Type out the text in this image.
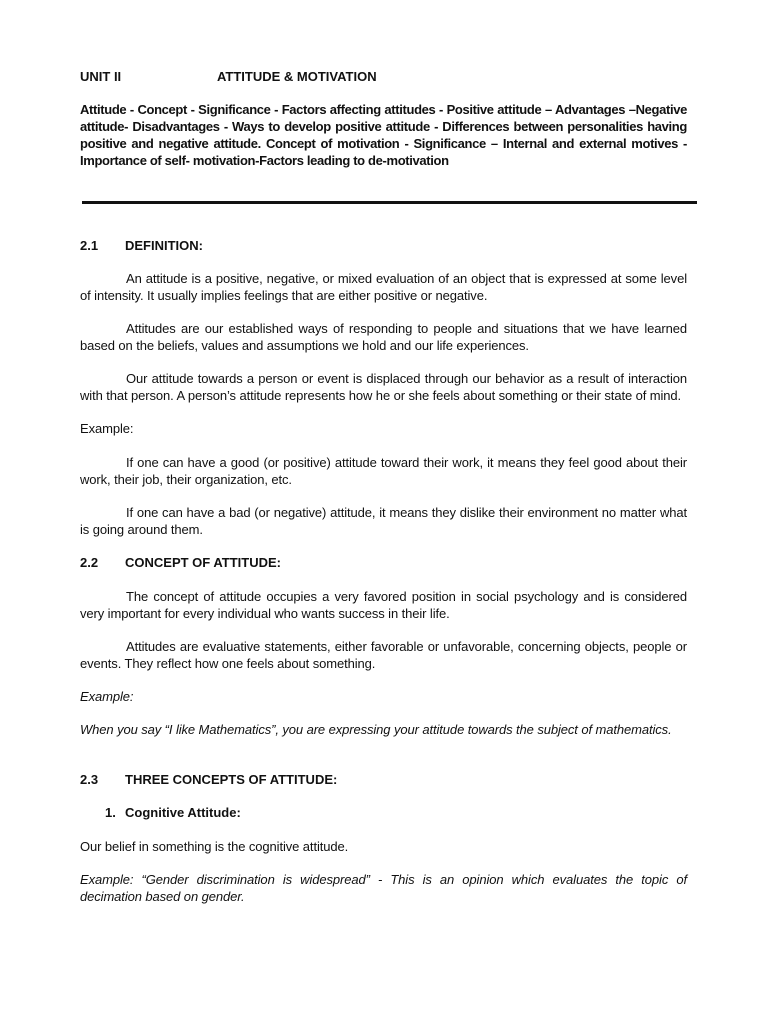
UNIT II	ATTITUDE & MOTIVATION
Attitude - Concept - Significance - Factors affecting attitudes - Positive attitude – Advantages –Negative attitude- Disadvantages - Ways to develop positive attitude - Differences between personalities having positive and negative attitude. Concept of motivation - Significance – Internal and external motives - Importance of self- motivation-Factors leading to de-motivation
2.1 DEFINITION:
An attitude is a positive, negative, or mixed evaluation of an object that is expressed at some level of intensity. It usually implies feelings that are either positive or negative.
Attitudes are our established ways of responding to people and situations that we have learned based on the beliefs, values and assumptions we hold and our life experiences.
Our attitude towards a person or event is displaced through our behavior as a result of interaction with that person. A person’s attitude represents how he or she feels about something or their state of mind.
Example:
If one can have a good (or positive) attitude toward their work, it means they feel good about their work, their job, their organization, etc.
If one can have a bad (or negative) attitude, it means they dislike their environment no matter what is going around them.
2.2 CONCEPT OF ATTITUDE:
The concept of attitude occupies a very favored position in social psychology and is considered very important for every individual who wants success in their life.
Attitudes are evaluative statements, either favorable or unfavorable, concerning objects, people or events. They reflect how one feels about something.
Example:
When you say “I like Mathematics”, you are expressing your attitude towards the subject of mathematics.
2.3 THREE CONCEPTS OF ATTITUDE:
1. Cognitive Attitude:
Our belief in something is the cognitive attitude.
Example: “Gender discrimination is widespread” - This is an opinion which evaluates the topic of decimation based on gender.
